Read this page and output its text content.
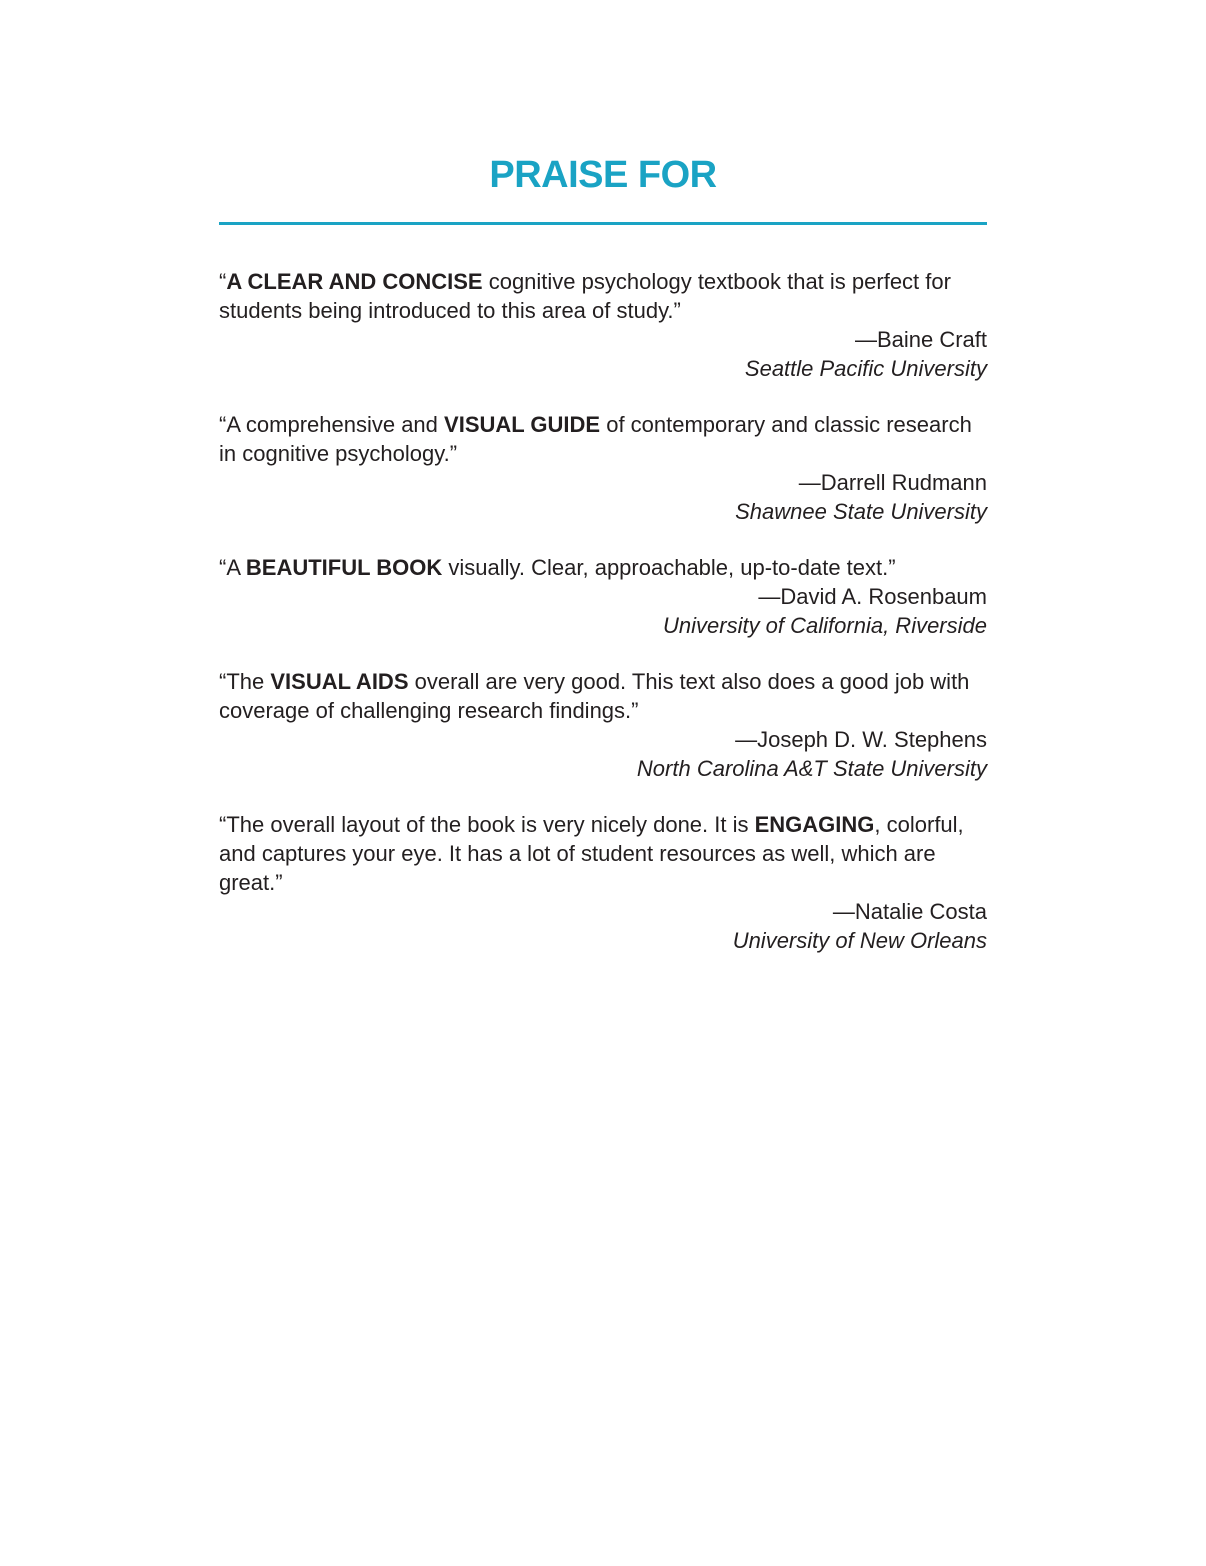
PRAISE FOR

“A CLEAR AND CONCISE cognitive psychology textbook that is perfect for students being introduced to this area of study.”

—Baine Craft

Seattle Pacific University

“A comprehensive and VISUAL GUIDE of contemporary and classic research in cognitive psychology.”

—Darrell Rudmann

Shawnee State University

“A BEAUTIFUL BOOK visually. Clear, approachable, up-to-date text.”

—David A. Rosenbaum

University of California, Riverside

“The VISUAL AIDS overall are very good. This text also does a good job with coverage of challenging research findings.”

—Joseph D. W. Stephens

North Carolina A&T State University

“The overall layout of the book is very nicely done. It is ENGAGING, colorful, and captures your eye. It has a lot of student resources as well, which are great.”

—Natalie Costa

University of New Orleans
